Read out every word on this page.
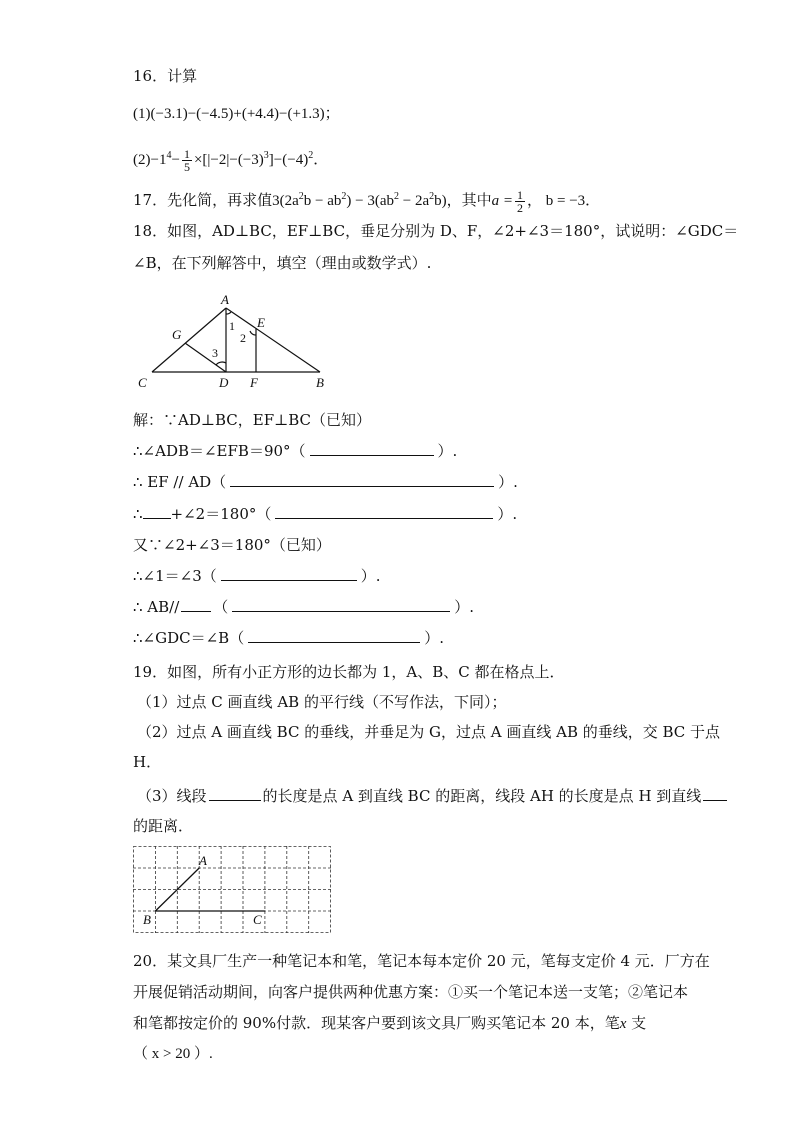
16．计算
(1)(−3.1)−(−4.5)+(+4.4)−(+1.3)；
$(2)-1^4- \frac{1}{5} \times[|-2|-(-3)^3]-(-4)^2$．
17．先化简，再求值$3(2a^2b - ab^2) - 3(ab^2 - 2a^2b)$，其中$a = \frac{1}{2}$ ， b = −3．
18．如图，AD⊥BC，EF⊥BC，垂足分别为 D、F，∠2+∠3＝180°，试说明：∠GDC＝
∠B，在下列解答中，填空（理由或数学式）.
A
B
C	D
E
F
G
1
2
3
解：∵AD⊥BC，EF⊥BC（已知）
∴∠ADB＝∠EFB＝90°（	）.
∴ EF // AD（	）.
∴ +∠2＝180°（	）.
又∵∠2+∠3＝180°（已知）
∴∠1＝∠3（	）.
∴ AB// （	）.
∴∠GDC＝∠B（	）.
19．如图，所有小正方形的边长都为 1，A、B、C 都在格点上．
（1）过点 C 画直线 AB 的平行线（不写作法，下同）；
（2）过点 A 画直线 BC 的垂线，并垂足为 G，过点 A 画直线 AB 的垂线，交 BC 于点
H．
（3）线段	的长度是点 A 到直线 BC 的距离，线段 AH 的长度是点 H 到直线
的距离．
A
B	C
20．某文具厂生产一种笔记本和笔，笔记本每本定价 20 元，笔每支定价 4 元．厂方在
开展促销活动期间，向客户提供两种优惠方案：①买一个笔记本送一支笔；②笔记本
和笔都按定价的 90%付款．现某客户要到该文具厂购买笔记本 20 本，笔x 支
（ x > 20 ）.
